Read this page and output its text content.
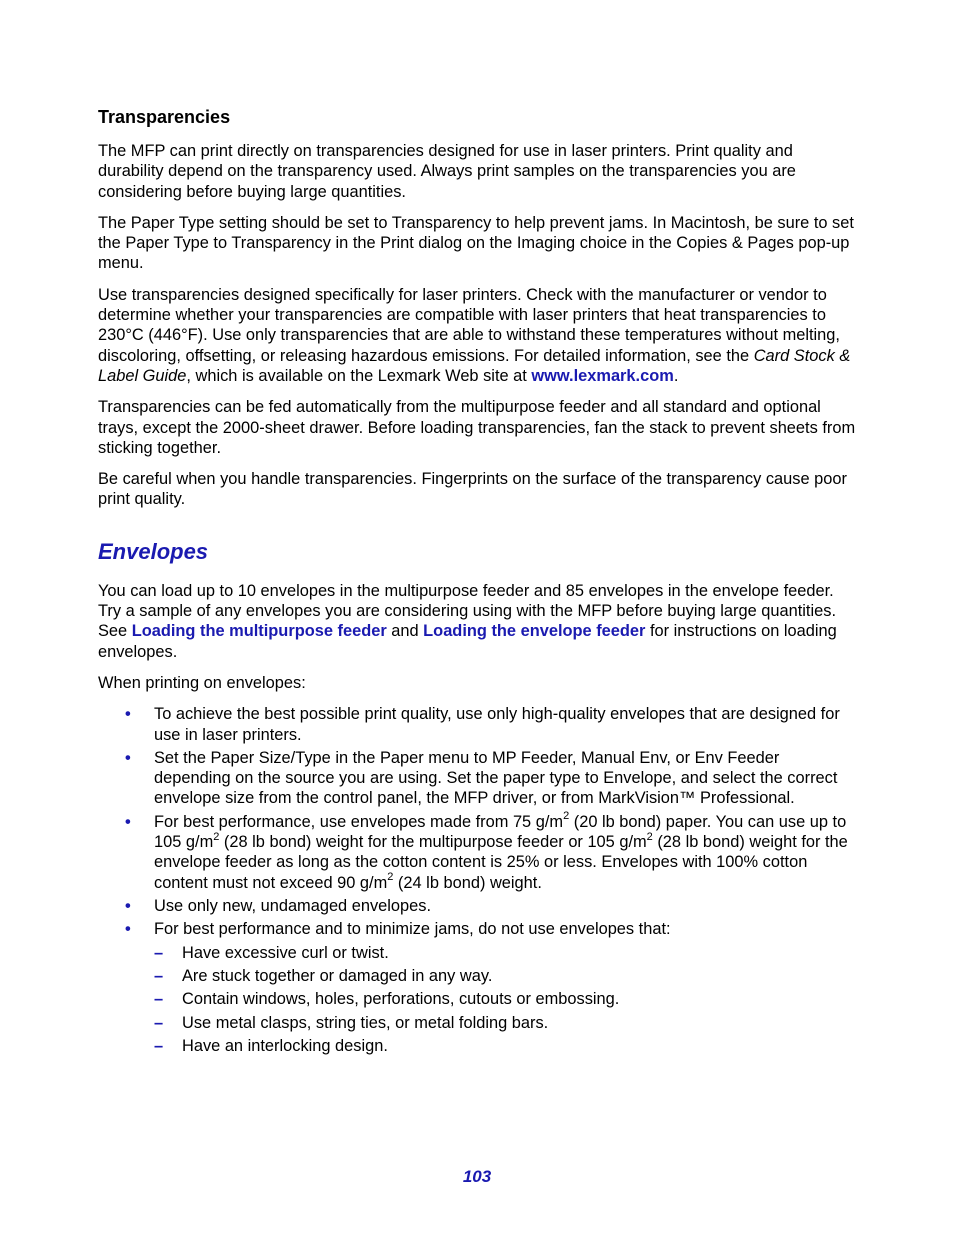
Transparencies

The MFP can print directly on transparencies designed for use in laser printers. Print quality and durability depend on the transparency used. Always print samples on the transparencies you are considering before buying large quantities.

The Paper Type setting should be set to Transparency to help prevent jams. In Macintosh, be sure to set the Paper Type to Transparency in the Print dialog on the Imaging choice in the Copies & Pages pop-up menu.

Use transparencies designed specifically for laser printers. Check with the manufacturer or vendor to determine whether your transparencies are compatible with laser printers that heat transparencies to 230°C (446°F). Use only transparencies that are able to withstand these temperatures without melting, discoloring, offsetting, or releasing hazardous emissions. For detailed information, see the Card Stock & Label Guide, which is available on the Lexmark Web site at www.lexmark.com.

Transparencies can be fed automatically from the multipurpose feeder and all standard and optional trays, except the 2000-sheet drawer. Before loading transparencies, fan the stack to prevent sheets from sticking together.

Be careful when you handle transparencies. Fingerprints on the surface of the transparency cause poor print quality.

Envelopes

You can load up to 10 envelopes in the multipurpose feeder and 85 envelopes in the envelope feeder. Try a sample of any envelopes you are considering using with the MFP before buying large quantities. See Loading the multipurpose feeder and Loading the envelope feeder for instructions on loading envelopes.

When printing on envelopes:

• To achieve the best possible print quality, use only high-quality envelopes that are designed for use in laser printers.
• Set the Paper Size/Type in the Paper menu to MP Feeder, Manual Env, or Env Feeder depending on the source you are using. Set the paper type to Envelope, and select the correct envelope size from the control panel, the MFP driver, or from MarkVision™ Professional.
• For best performance, use envelopes made from 75 $g/m^2$ (20 lb bond) paper. You can use up to 105 $g/m^2$ (28 lb bond) weight for the multipurpose feeder or 105 $g/m^2$ (28 lb bond) weight for the envelope feeder as long as the cotton content is 25% or less. Envelopes with 100% cotton content must not exceed 90 $g/m^2$ (24 lb bond) weight.
• Use only new, undamaged envelopes.
• For best performance and to minimize jams, do not use envelopes that:
– Have excessive curl or twist.
– Are stuck together or damaged in any way.
– Contain windows, holes, perforations, cutouts or embossing.
– Use metal clasps, string ties, or metal folding bars.
– Have an interlocking design.
103
